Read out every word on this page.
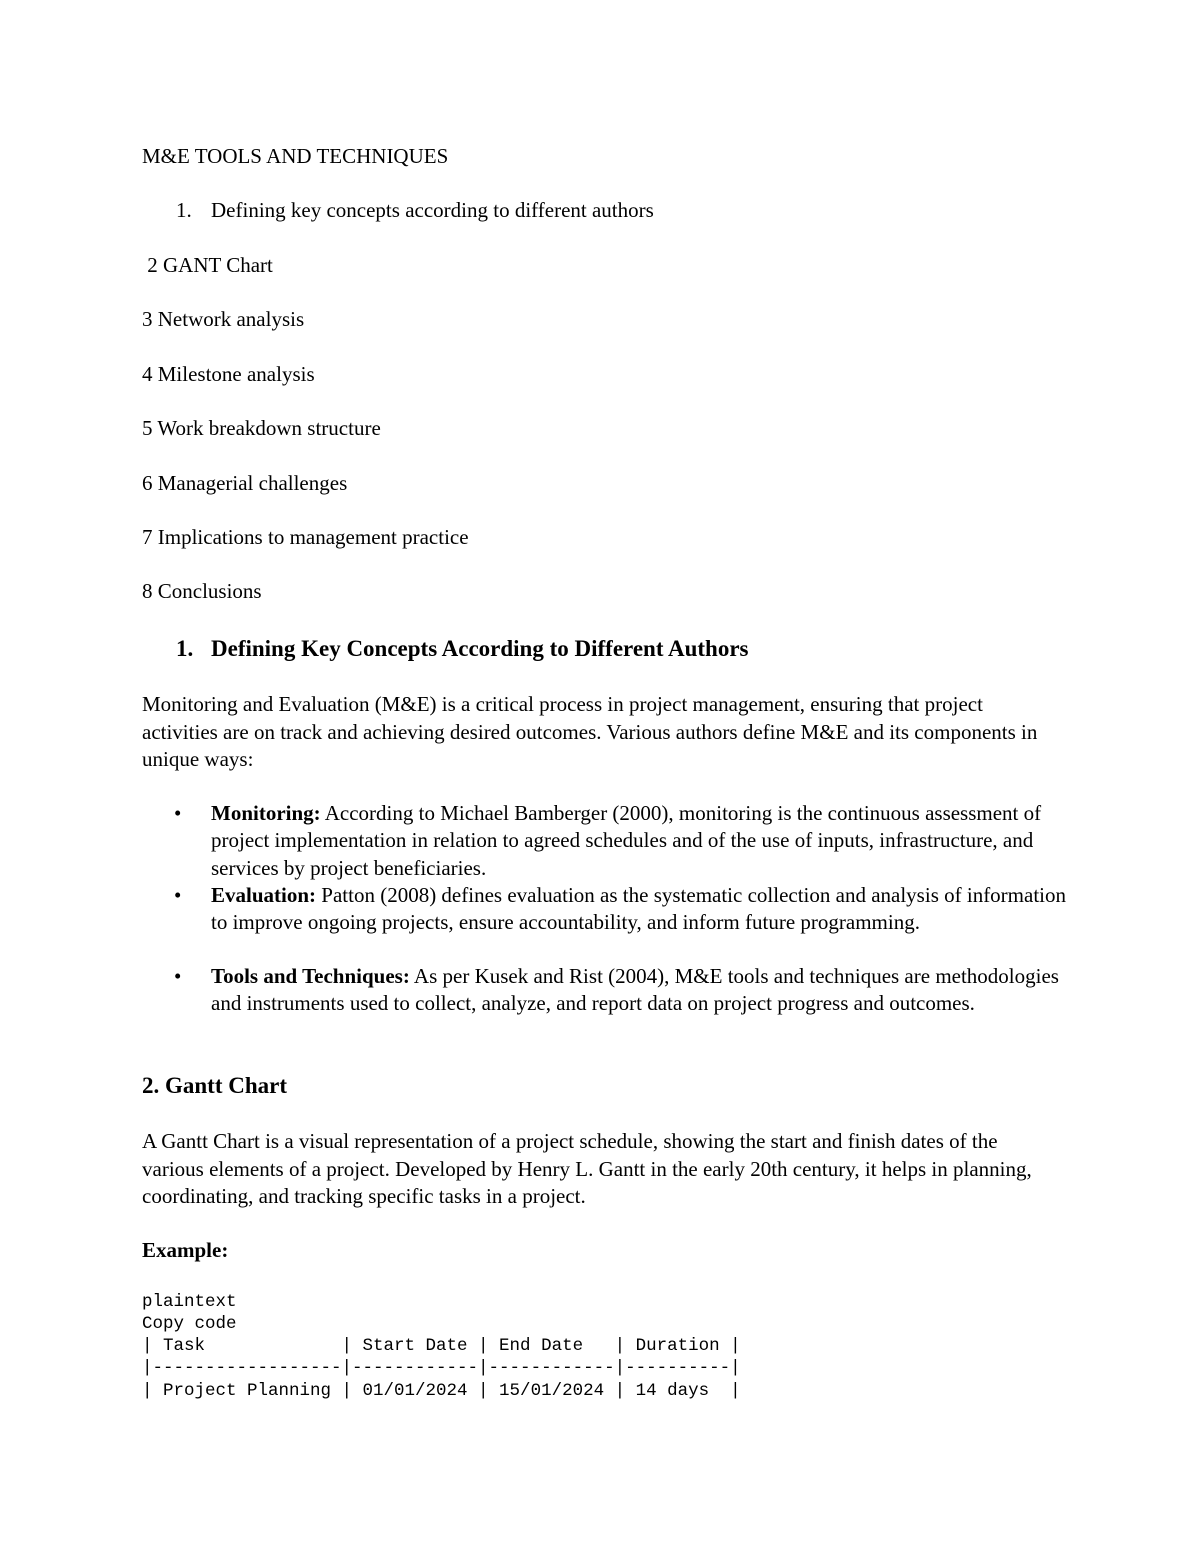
M&E TOOLS AND TECHNIQUES
1. Defining key concepts according to different authors
2 GANT Chart
3 Network analysis
4 Milestone analysis
5 Work breakdown structure
6 Managerial challenges
7 Implications to management practice
8 Conclusions
1. Defining Key Concepts According to Different Authors
Monitoring and Evaluation (M&E) is a critical process in project management, ensuring that project activities are on track and achieving desired outcomes. Various authors define M&E and its components in unique ways:
• Monitoring: According to Michael Bamberger (2000), monitoring is the continuous assessment of project implementation in relation to agreed schedules and of the use of inputs, infrastructure, and services by project beneficiaries.
• Evaluation: Patton (2008) defines evaluation as the systematic collection and analysis of information to improve ongoing projects, ensure accountability, and inform future programming.
• Tools and Techniques: As per Kusek and Rist (2004), M&E tools and techniques are methodologies and instruments used to collect, analyze, and report data on project progress and outcomes.
2. Gantt Chart
A Gantt Chart is a visual representation of a project schedule, showing the start and finish dates of the various elements of a project. Developed by Henry L. Gantt in the early 20th century, it helps in planning, coordinating, and tracking specific tasks in a project.
Example:
plaintext
Copy code
| Task             | Start Date | End Date   | Duration |
|------------------|------------|------------|----------|
| Project Planning | 01/01/2024 | 15/01/2024 | 14 days  |
